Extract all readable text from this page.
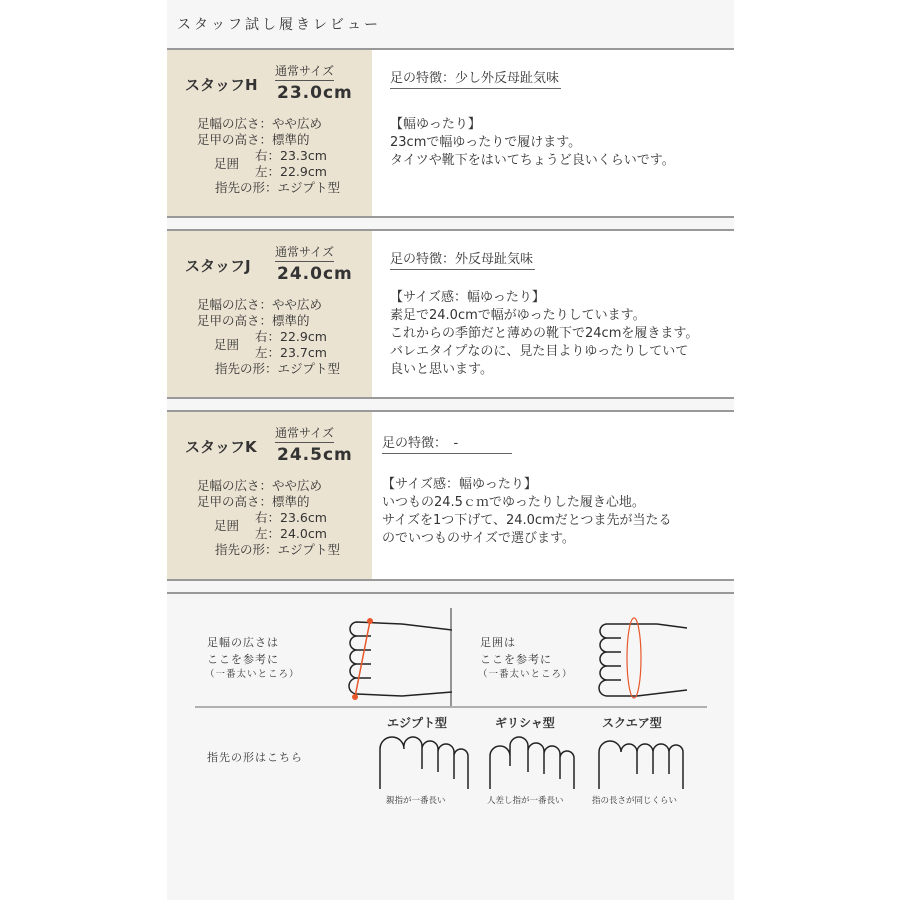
スタッフ試し履きレビュー
スタッフH
通常サイズ
23.0cm
足幅の広さ：やや広め
足甲の高さ：標準的
足囲
右：23.3cm
左：22.9cm
指先の形：エジプト型
足の特徴：少し外反母趾気味
【幅ゆったり】
23cmで幅ゆったりで履けます。
タイツや靴下をはいてちょうど良いくらいです。
スタッフJ
通常サイズ
24.0cm
足幅の広さ：やや広め
足甲の高さ：標準的
足囲
右：22.9cm
左：23.7cm
指先の形：エジプト型
足の特徴：外反母趾気味
【サイズ感：幅ゆったり】
素足で24.0cmで幅がゆったりしています。
これからの季節だと薄めの靴下で24cmを履きます。
バレエタイプなのに、見た目よりゆったりしていて
良いと思います。
スタッフK
通常サイズ
24.5cm
足幅の広さ：やや広め
足甲の高さ：標準的
足囲
右：23.6cm
左：24.0cm
指先の形：エジプト型
足の特徴：　-　　　　
【サイズ感：幅ゆったり】
いつもの24.5ｃｍでゆったりした履き心地。
サイズを1つ下げて、24.0cmだとつま先が当たる
のでいつものサイズで選びます。
足幅の広さは
ここを参考に
（一番太いところ）
足囲は
ここを参考に
（一番太いところ）
指先の形はこちら
エジプト型	ギリシャ型	スクエア型
親指が一番長い	人差し指が一番長い	指の長さが同じくらい
